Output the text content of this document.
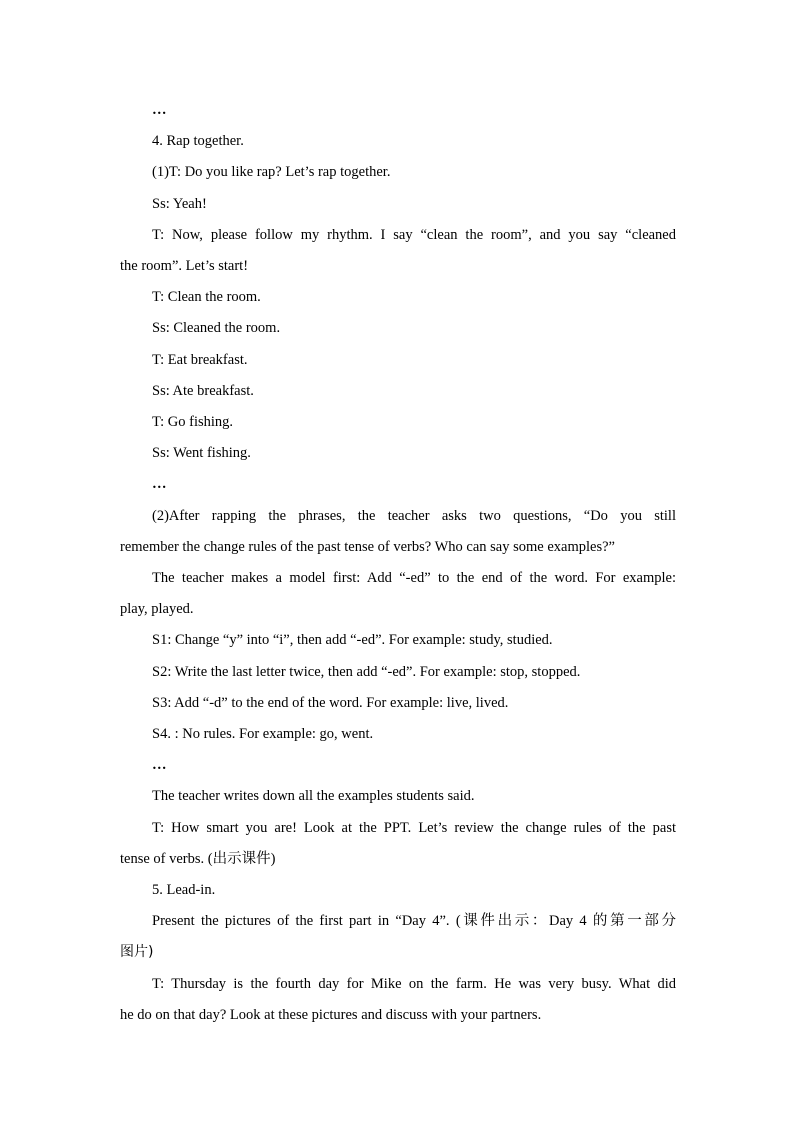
…

4. Rap together.

(1)T: Do you like rap? Let’s rap together.

Ss: Yeah!

T: Now, please follow my rhythm. I say “clean the room”, and you say “cleaned

the room”. Let’s start!

T: Clean the room.

Ss: Cleaned the room.

T: Eat breakfast.

Ss: Ate breakfast.

T: Go fishing.

Ss: Went fishing.

…

(2)After rapping the phrases, the teacher asks two questions, “Do you still

remember the change rules of the past tense of verbs? Who can say some examples?”

The teacher makes a model first: Add “-ed” to the end of the word. For example:

play, played.

S1: Change “y” into “i”, then add “-ed”. For example: study, studied.

S2: Write the last letter twice, then add “-ed”. For example: stop, stopped.

S3: Add “-d” to the end of the word. For example: live, lived.

S4. : No rules. For example: go, went.

…

The teacher writes down all the examples students said.

T: How smart you are! Look at the PPT. Let’s review the change rules of the past

tense of verbs. (出示课件)

5. Lead-in.

Present the pictures of the first part in “Day 4”. (课件出示：Day 4 的第一部分

图片)

T: Thursday is the fourth day for Mike on the farm. He was very busy. What did

he do on that day? Look at these pictures and discuss with your partners.
